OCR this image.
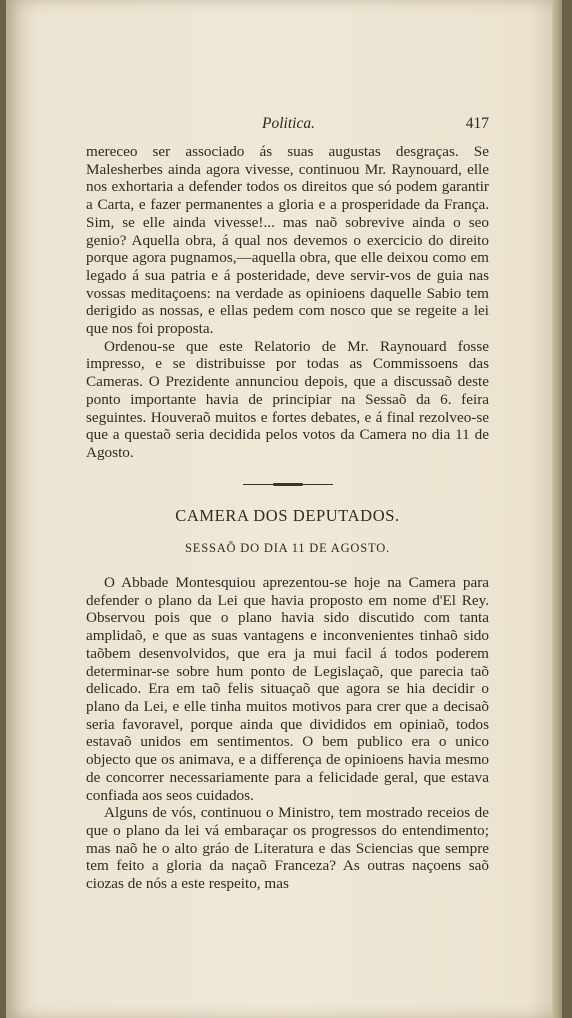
Politica.	417

mereceo ser associado ás suas augustas desgraças. Se Malesherbes ainda agora vivesse, continuou Mr. Raynouard, elle nos exhortaria a defender todos os direitos que só podem garantir a Carta, e fazer permanentes a gloria e a prosperidade da França. Sim, se elle ainda vivesse!... mas naõ sobrevive ainda o seo genio? Aquella obra, á qual nos devemos o exercicio do direito porque agora pugnamos,—aquella obra, que elle deixou como em legado á sua patria e á posteridade, deve servir-vos de guia nas vossas meditaçoens: na verdade as opinioens daquelle Sabio tem derigido as nossas, e ellas pedem com nosco que se regeite a lei que nos foi proposta.

Ordenou-se que este Relatorio de Mr. Raynouard fosse impresso, e se distribuisse por todas as Commissoens das Cameras. O Prezidente annunciou depois, que a discussaõ deste ponto importante havia de principiar na Sessaõ da 6. feira seguintes. Houveraõ muitos e fortes debates, e á final rezolveo-se que a questaõ seria decidida pelos votos da Camera no dia 11 de Agosto.

CAMERA DOS DEPUTADOS.
SESSAÕ DO DIA 11 DE AGOSTO.

O Abbade Montesquiou aprezentou-se hoje na Camera para defender o plano da Lei que havia proposto em nome d'El Rey. Observou pois que o plano havia sido discutido com tanta amplidaõ, e que as suas vantagens e inconvenientes tinhaõ sido taõbem desenvolvidos, que era ja mui facil á todos poderem determinar-se sobre hum ponto de Legislaçaõ, que parecia taõ delicado. Era em taõ felis situaçaõ que agora se hia decidir o plano da Lei, e elle tinha muitos motivos para crer que a decisaõ seria favoravel, porque ainda que divididos em opiniaõ, todos estavaõ unidos em sentimentos. O bem publico era o unico objecto que os animava, e a differença de opinioens havia mesmo de concorrer necessariamente para a felicidade geral, que estava confiada aos seos cuidados.

Alguns de vós, continuou o Ministro, tem mostrado receios de que o plano da lei vá embaraçar os progressos do entendimento; mas naõ he o alto gráo de Literatura e das Sciencias que sempre tem feito a gloria da naçaõ Franceza? As outras naçoens saõ ciozas de nós a este respeito, mas
